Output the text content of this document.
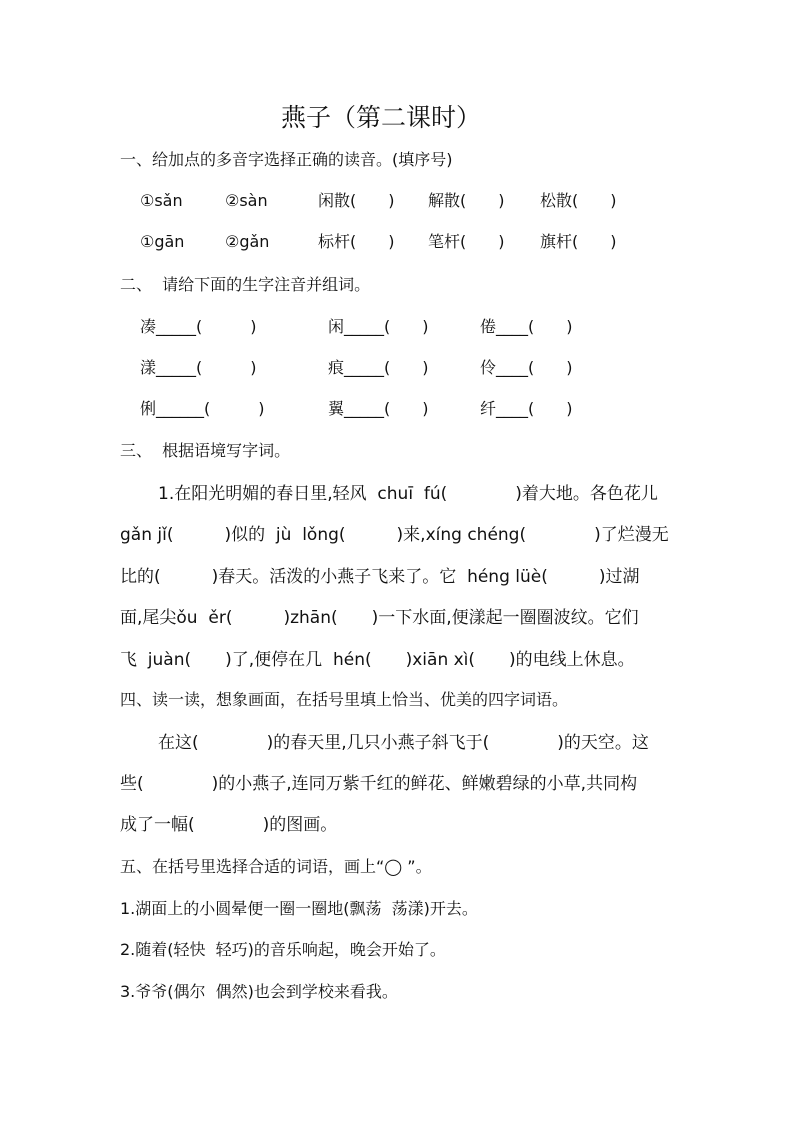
燕子（第二课时）
一、给加点的多音字选择正确的读音。(填序号)
①sǎn	②sàn	闲散(　　) 解散(　　) 松散(　　)
①gān	②gǎn	标杆(　　) 笔杆(　　) 旗杆(　　)
二、  请给下面的生字注音并组词。
凑_____(　　　)	闲_____(　　)	倦____(　　)
漾_____(　　　)	痕_____(　　)	伶____(　　)
俐______(　　　)	翼_____(　　)	纤____(　　)
三、  根据语境写字词。
1.在阳光明媚的春日里,轻风  chuī  fú(　　　　)着大地。各色花儿
gǎn jǐ(　　　)似的  jù  lǒng(　　　)来,xíng chéng(　　　　)了烂漫无
比的(　　　)春天。活泼的小燕子飞来了。它  héng lüè(　　　)过湖
面,尾尖ǒu  ěr(　　　)zhān(　　)一下水面,便漾起一圈圈波纹。它们
飞  juàn(　　)了,便停在几  hén(　　)xiān xì(　　)的电线上休息。
四、读一读，想象画面，在括号里填上恰当、优美的四字词语。
在这(　　　　)的春天里,几只小燕子斜飞于(　　　　)的天空。这
些(　　　　)的小燕子,连同万紫千红的鲜花、鲜嫩碧绿的小草,共同构
成了一幅(　　　　)的图画。
五、在括号里选择合适的词语，画上“◯ ”。
1.湖面上的小圆晕便一圈一圈地(飘荡  荡漾)开去。
2.随着(轻快  轻巧)的音乐响起，晚会开始了。
3.爷爷(偶尔  偶然)也会到学校来看我。
